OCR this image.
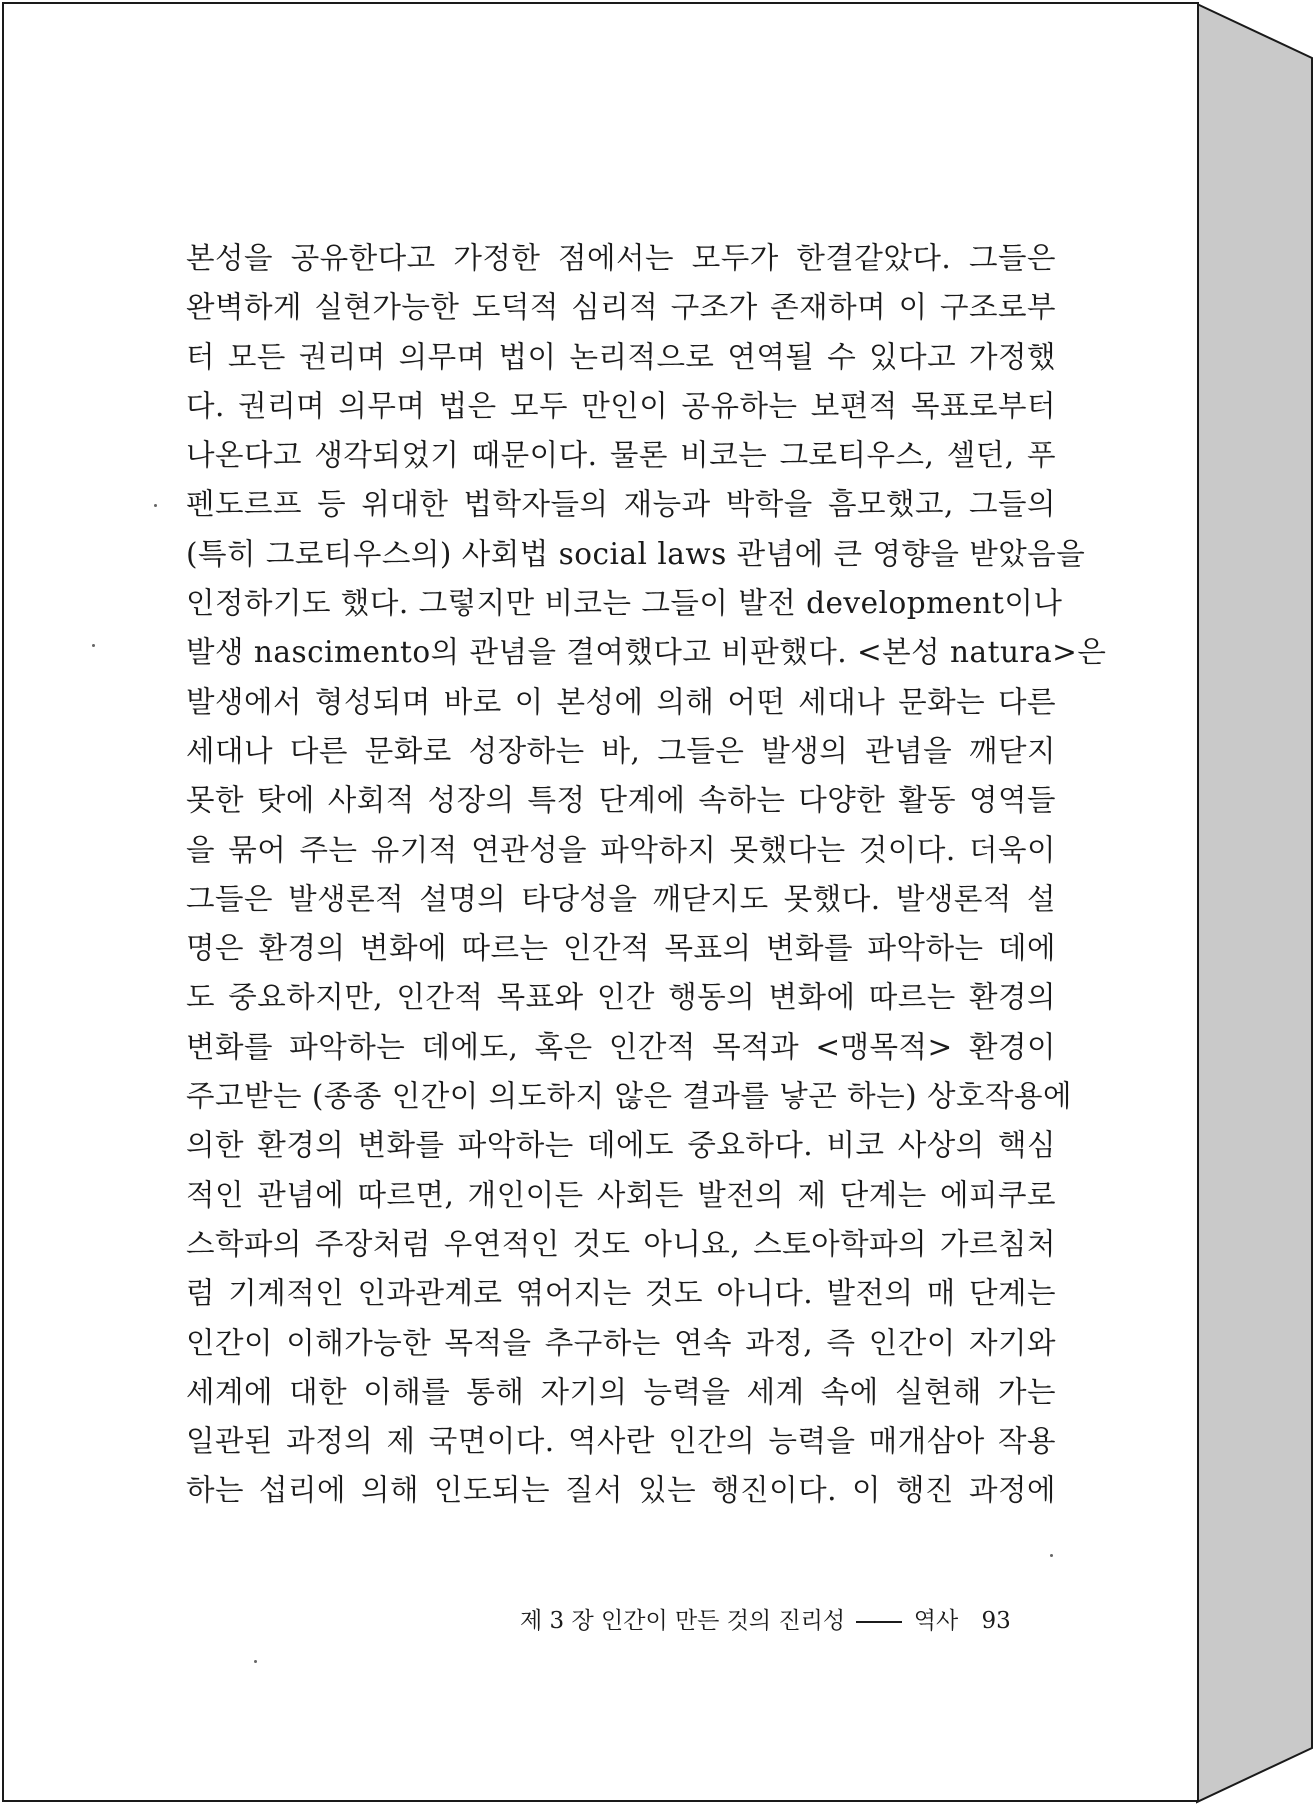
본성을 공유한다고 가정한 점에서는 모두가 한결같았다. 그들은
완벽하게 실현가능한 도덕적 심리적 구조가 존재하며 이 구조로부
터 모든 권리며 의무며 법이 논리적으로 연역될 수 있다고 가정했
다. 권리며 의무며 법은 모두 만인이 공유하는 보편적 목표로부터
나온다고 생각되었기 때문이다. 물론 비코는 그로티우스, 셀던, 푸
펜도르프 등 위대한 법학자들의 재능과 박학을 흠모했고, 그들의
(특히 그로티우스의) 사회법 social laws 관념에 큰 영향을 받았음을
인정하기도 했다. 그렇지만 비코는 그들이 발전 development이나
발생 nascimento의 관념을 결여했다고 비판했다. <본성 natura>은
발생에서 형성되며 바로 이 본성에 의해 어떤 세대나 문화는 다른
세대나 다른 문화로 성장하는 바, 그들은 발생의 관념을 깨닫지
못한 탓에 사회적 성장의 특정 단계에 속하는 다양한 활동 영역들
을 묶어 주는 유기적 연관성을 파악하지 못했다는 것이다. 더욱이
그들은 발생론적 설명의 타당성을 깨닫지도 못했다. 발생론적 설
명은 환경의 변화에 따르는 인간적 목표의 변화를 파악하는 데에
도 중요하지만, 인간적 목표와 인간 행동의 변화에 따르는 환경의
변화를 파악하는 데에도, 혹은 인간적 목적과 <맹목적> 환경이
주고받는 (종종 인간이 의도하지 않은 결과를 낳곤 하는) 상호작용에
의한 환경의 변화를 파악하는 데에도 중요하다. 비코 사상의 핵심
적인 관념에 따르면, 개인이든 사회든 발전의 제 단계는 에피쿠로
스학파의 주장처럼 우연적인 것도 아니요, 스토아학파의 가르침처
럼 기계적인 인과관계로 엮어지는 것도 아니다. 발전의 매 단계는
인간이 이해가능한 목적을 추구하는 연속 과정, 즉 인간이 자기와
세계에 대한 이해를 통해 자기의 능력을 세계 속에 실현해 가는
일관된 과정의 제 국면이다. 역사란 인간의 능력을 매개삼아 작용
하는 섭리에 의해 인도되는 질서 있는 행진이다. 이 행진 과정에
제 3 장 인간이 만든 것의 진리성	역사 93
